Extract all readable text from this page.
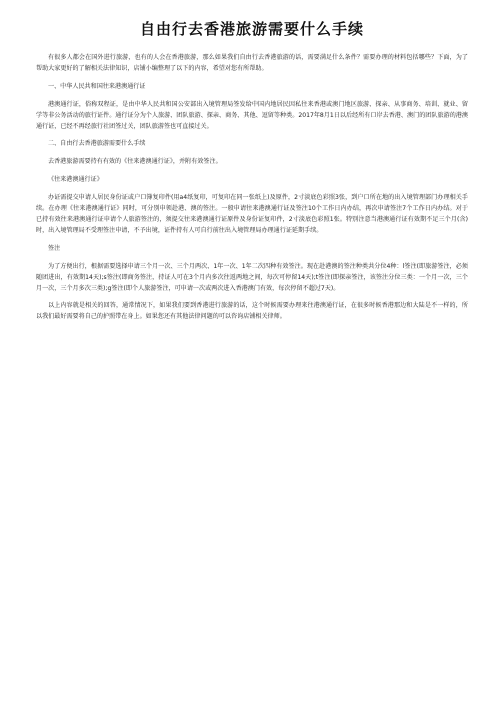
自由行去香港旅游需要什么手续

有很多人都会在国外进行旅游，也有的人会在香港旅游，那么如果我们自由行去香港旅游的话，需要满足什么条件？需要办理的材料包括哪些？下面，为了帮助大家更好的了解相关法律知识，店铺小编整理了以下的内容，希望对您有所帮助。

一、中华人民共和国往来港澳通行证

港澳通行证，俗称双程证，是由中华人民共和国公安部出入境管理局签发给中国内地居民因私往来香港或澳门地区旅游、探亲、从事商务、培训、就业、留学等非公务活动的旅行证件。通行证分为个人旅游、团队旅游、探亲、商务、其他、逗留等种类。2017年8月1日以后经所有口岸去香港、澳门的团队旅游的港澳通行证，已经不再经旅行社团签过关，团队旅游签也可直接过关。

二、自由行去香港旅游需要什么手续

去香港旅游需要持有有效的《往来港澳通行证》，并附有效签注。

《往来港澳通行证》

办证需提交申请人居民身份证或户口簿复印件(用a4纸复印，可复印在同一张纸上)及原件，2寸淡底色彩照3张，到户口所在地的出入境管理部门办理相关手续。在办理《往来港澳通行证》同时，可分别申领赴港、澳的签注。一般申请往来港澳通行证及签注10个工作日内办结，再次申请签注7个工作日内办结。对于已持有效往来港澳通行证申请个人旅游签注的，须提交往来港澳通行证原件及身份证复印件，2寸淡底色彩照1张。特别注意当港澳通行证有效期不足三个月(含)时，出入境管理局不受理签注申请，不予出境，证件持有人可自行前往出入境管理局办理通行证延期手续。

签注

为了方便出行，根据需要选择申请三个月一次、三个月两次、1年一次、1年二次四种有效签注。现在赴港澳的签注种类共分位4种：l签注(即旅游签注，必须随团进出，有效期14天);s签注(即商务签注，持证人可在3个月内多次往返两地之间，每次可停留14天);t签注(即探亲签注，该签注分位三类：一个月一次，三个月一次，三个月多次三类);g签注(即个人旅游签注，可申请一次或两次进入香港澳门有效，每次停留不超过7天)。

以上内容就是相关的回答，通常情况下，如果我们要到香港进行旅游的话，这个时候需要办理来往港澳通行证，在很多时候香港那边和大陆是不一样的，所以我们最好需要将自己的护照带在身上。如果您还有其他法律问题的可以咨询店铺相关律师。
